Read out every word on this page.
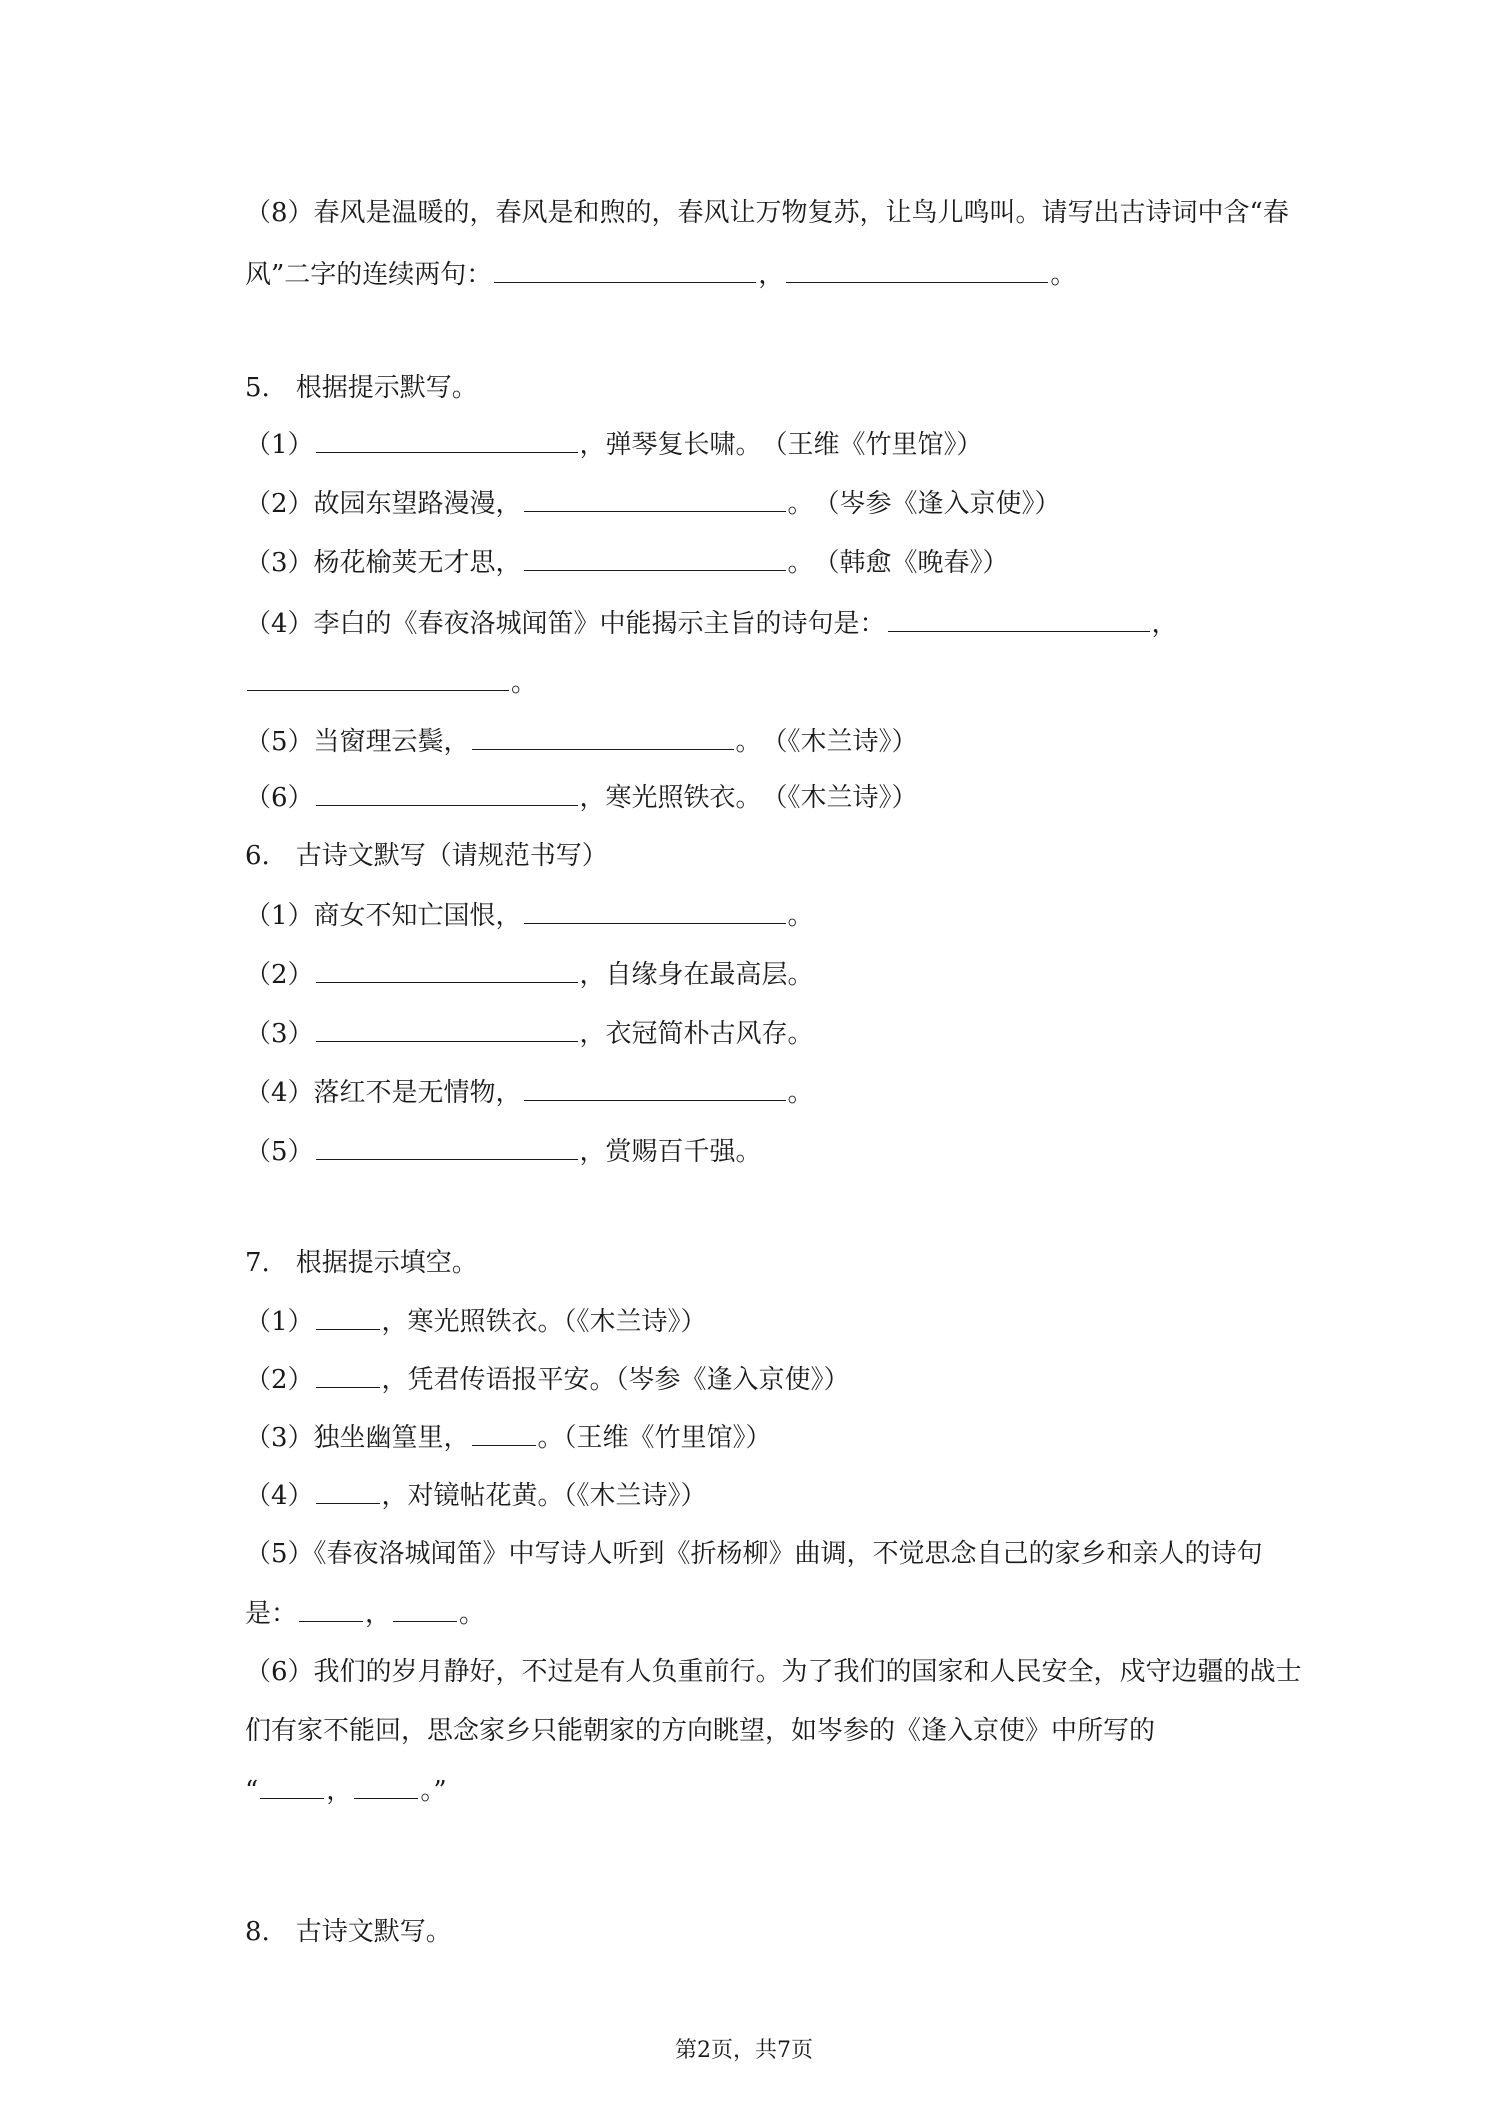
（8）春风是温暖的，春风是和煦的，春风让万物复苏，让鸟儿鸣叫。请写出古诗词中含“春
风”二字的连续两句：	，	。
5.　根据提示默写。
（1）	，弹琴复长啸。　（王维《竹里馆》）
（2）故园东望路漫漫，	。　（岑参《逢入京使》）
（3）杨花榆荚无才思，	。　（韩愈《晚春》）
（4）李白的《春夜洛城闻笛》中能揭示主旨的诗句是：	，
。
（5）当窗理云鬓，	。　（《木兰诗》）
（6）	，寒光照铁衣。　（《木兰诗》）
6.　古诗文默写（请规范书写）
（1）商女不知亡国恨，	。
（2）	，自缘身在最高层。
（3）	，衣冠简朴古风存。
（4）落红不是无情物，	。
（5）	，赏赐百千强。
7.　根据提示填空。
（1）	，寒光照铁衣。（《木兰诗》）
（2）	，凭君传语报平安。（岑参《逢入京使》）
（3）独坐幽篁里，	。（王维《竹里馆》）
（4）	，对镜帖花黄。（《木兰诗》）
（5）《春夜洛城闻笛》中写诗人听到《折杨柳》曲调，不觉思念自己的家乡和亲人的诗句
是：	，	。
（6）我们的岁月静好，不过是有人负重前行。为了我们的国家和人民安全，戍守边疆的战士
们有家不能回，思念家乡只能朝家的方向眺望，如岑参的《逢入京使》中所写的
“	，	。”
8.　古诗文默写。
第2页，共7页
